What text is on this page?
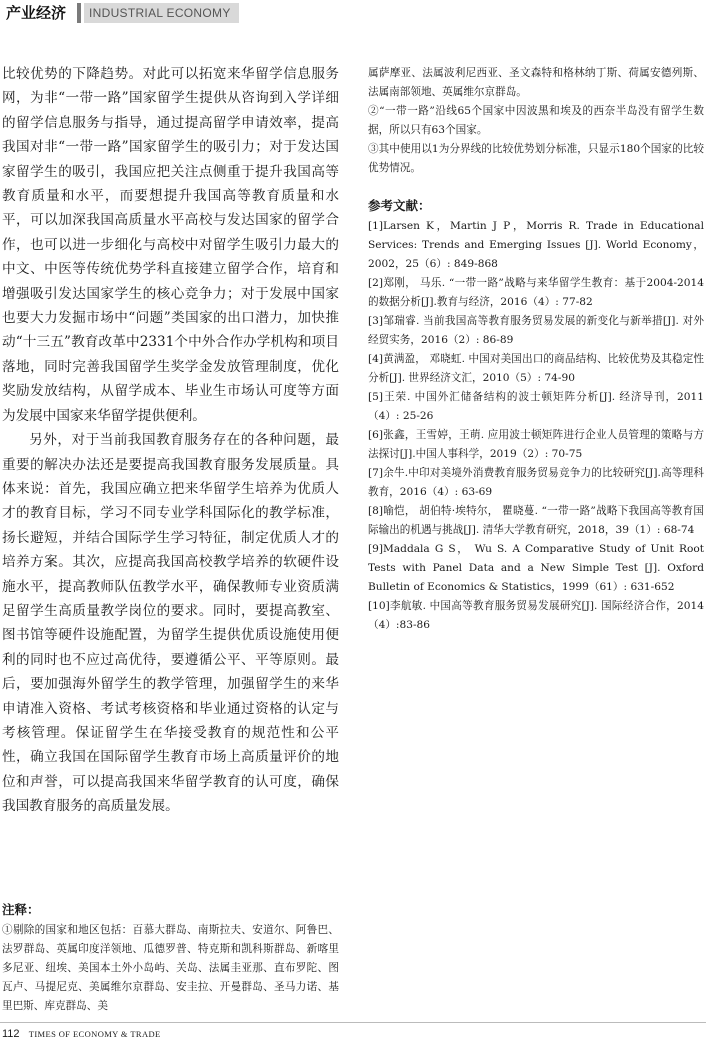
产业经济	INDUSTRIAL ECONOMY

比较优势的下降趋势。对此可以拓宽来华留学信息服务网，为非“一带一路”国家留学生提供从咨询到入学详细的留学信息服务与指导，通过提高留学申请效率，提高我国对非“一带一路”国家留学生的吸引力；对于发达国家留学生的吸引，我国应把关注点侧重于提升我国高等教育质量和水平，而要想提升我国高等教育质量和水平，可以加深我国高质量水平高校与发达国家的留学合作，也可以进一步细化与高校中对留学生吸引力最大的中文、中医等传统优势学科直接建立留学合作，培育和增强吸引发达国家学生的核心竞争力；对于发展中国家也要大力发掘市场中“问题”类国家的出口潜力，加快推动“十三五”教育改革中2331个中外合作办学机构和项目落地，同时完善我国留学生奖学金发放管理制度，优化奖励发放结构，从留学成本、毕业生市场认可度等方面为发展中国家来华留学提供便利。

另外，对于当前我国教育服务存在的各种问题，最重要的解决办法还是要提高我国教育服务发展质量。具体来说：首先，我国应确立把来华留学生培养为优质人才的教育目标，学习不同专业学科国际化的教学标准，扬长避短，并结合国际学生学习特征，制定优质人才的培养方案。其次，应提高我国高校教学培养的软硬件设施水平，提高教师队伍教学水平，确保教师专业资质满足留学生高质量教学岗位的要求。同时，要提高教室、图书馆等硬件设施配置，为留学生提供优质设施使用便利的同时也不应过高优待，要遵循公平、平等原则。最后，要加强海外留学生的教学管理，加强留学生的来华申请准入资格、考试考核资格和毕业通过资格的认定与考核管理。保证留学生在华接受教育的规范性和公平性，确立我国在国际留学生教育市场上高质量评价的地位和声誉，可以提高我国来华留学教育的认可度，确保我国教育服务的高质量发展。

注释：

①剔除的国家和地区包括：百慕大群岛、南斯拉夫、安道尔、阿鲁巴、法罗群岛、英属印度洋领地、瓜德罗普、特克斯和凯科斯群岛、新喀里多尼亚、纽埃、美国本土外小岛屿、关岛、法属圭亚那、直布罗陀、图瓦卢、马提尼克、美属维尔京群岛、安圭拉、开曼群岛、圣马力诺、基里巴斯、库克群岛、美

属萨摩亚、法属波利尼西亚、圣文森特和格林纳丁斯、荷属安德列斯、法属南部领地、英属维尔京群岛。

②“一带一路”沿线65个国家中因波黑和埃及的西奈半岛没有留学生数据，所以只有63个国家。

③其中使用以1为分界线的比较优势划分标准，只显示180个国家的比较优势情况。

参考文献：

[1]Larsen K，Martin J P，Morris R. Trade in Educational Services: Trends and Emerging Issues [J]. World Economy，2002，25（6）: 849-868

[2]郑刚， 马乐. “一带一路”战略与来华留学生教育：基于2004-2014的数据分析[J].教育与经济，2016（4）: 77-82

[3]邹瑞睿. 当前我国高等教育服务贸易发展的新变化与新举措[J]. 对外经贸实务，2016（2）: 86-89

[4]黄满盈， 邓晓虹. 中国对美国出口的商品结构、比较优势及其稳定性分析[J]. 世界经济文汇，2010（5）: 74-90

[5]王荣. 中国外汇储备结构的波士顿矩阵分析[J]. 经济导刊，2011（4）: 25-26

[6]张鑫，王雪婷，王萌. 应用波士顿矩阵进行企业人员管理的策略与方法探讨[J].中国人事科学，2019（2）: 70-75

[7]余牛.中印对美境外消费教育服务贸易竞争力的比较研究[J].高等理科教育，2016（4）: 63-69

[8]喻恺， 胡伯特·埃特尔， 瞿晓蔓. “一带一路”战略下我国高等教育国际输出的机遇与挑战[J]. 清华大学教育研究，2018，39（1）: 68-74

[9]Maddala G S， Wu S. A Comparative Study of Unit Root Tests with Panel Data and a New Simple Test [J]. Oxford Bulletin of Economics & Statistics，1999（61）: 631-652

[10]李航敏. 中国高等教育服务贸易发展研究[J]. 国际经济合作，2014（4）:83-86

112 TIMES OF ECONOMY & TRADE
